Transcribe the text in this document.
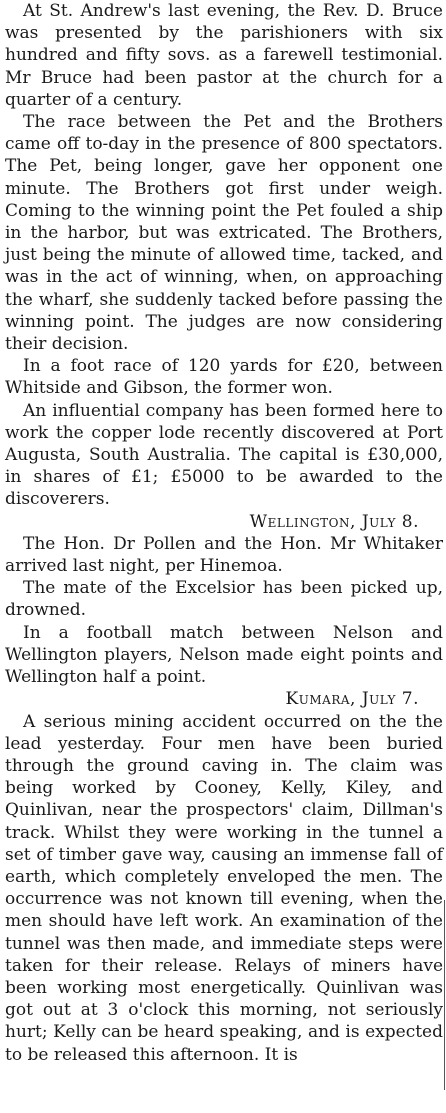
At St. Andrew's last evening, the Rev. D. Bruce was presented by the parishioners with six hundred and fifty sovs. as a farewell testimonial. Mr Bruce had been pastor at the church for a quarter of a century.

The race between the Pet and the Brothers came off to-day in the presence of 800 spectators. The Pet, being longer, gave her opponent one minute. The Brothers got first under weigh. Coming to the winning point the Pet fouled a ship in the harbor, but was extricated. The Brothers, just being the minute of allowed time, tacked, and was in the act of winning, when, on approaching the wharf, she suddenly tacked before passing the winning point. The judges are now considering their decision.

In a foot race of 120 yards for £20, between Whitside and Gibson, the former won.

An influential company has been formed here to work the copper lode recently discovered at Port Augusta, South Australia. The capital is £30,000, in shares of £1; £5000 to be awarded to the discoverers.

Wellington, July 8.

The Hon. Dr Pollen and the Hon. Mr Whitaker arrived last night, per Hinemoa.

The mate of the Excelsior has been picked up, drowned.

In a football match between Nelson and Wellington players, Nelson made eight points and Wellington half a point.

Kumara, July 7.

A serious mining accident occurred on the the lead yesterday. Four men have been buried through the ground caving in. The claim was being worked by Cooney, Kelly, Kiley, and Quinlivan, near the prospectors' claim, Dillman's track. Whilst they were working in the tunnel a set of timber gave way, causing an immense fall of earth, which completely enveloped the men. The occurrence was not known till evening, when the men should have left work. An examination of the tunnel was then made, and immediate steps were taken for their release. Relays of miners have been working most energetically. Quinlivan was got out at 3 o'clock this morning, not seriously hurt; Kelly can be heard speaking, and is expected to be released this afternoon. It is
